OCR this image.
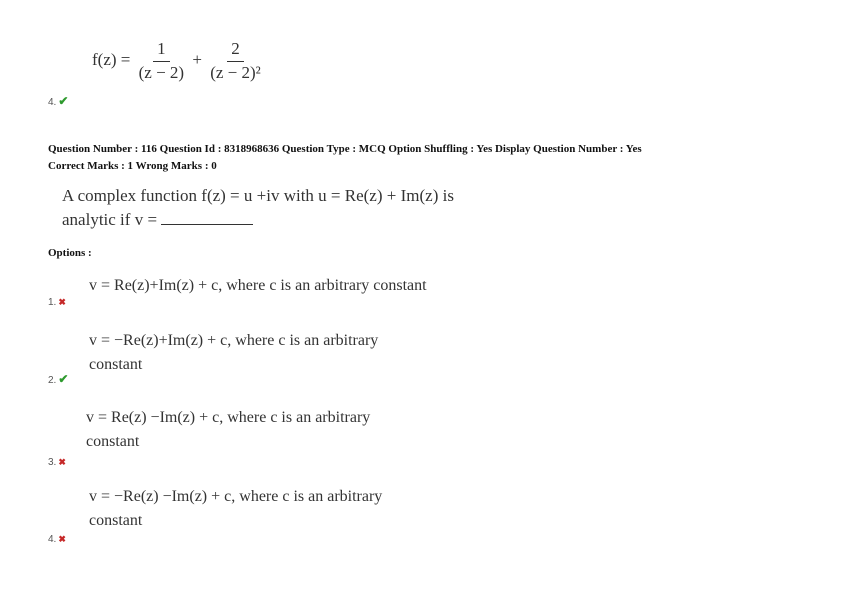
$f(z) = \frac{1}{(z - 2)} + \frac{2}{\text{(z − 2)²}}$
4. ✔
Question Number : 116 Question Id : 8318968636 Question Type : MCQ Option Shuffling : Yes Display Question Number : Yes
Correct Marks : 1 Wrong Marks : 0
A complex function f(z) = u +iv with u = Re(z) + Im(z) is
analytic if v =
Options :
v = Re(z)+Im(z) + c, where c is an arbitrary constant
1. ✖
v = −Re(z)+Im(z) + c, where c is an arbitrary
constant
2. ✔
v = Re(z) −Im(z) + c, where c is an arbitrary
constant
3. ✖
v = −Re(z) −Im(z) + c, where c is an arbitrary
constant
4. ✖
